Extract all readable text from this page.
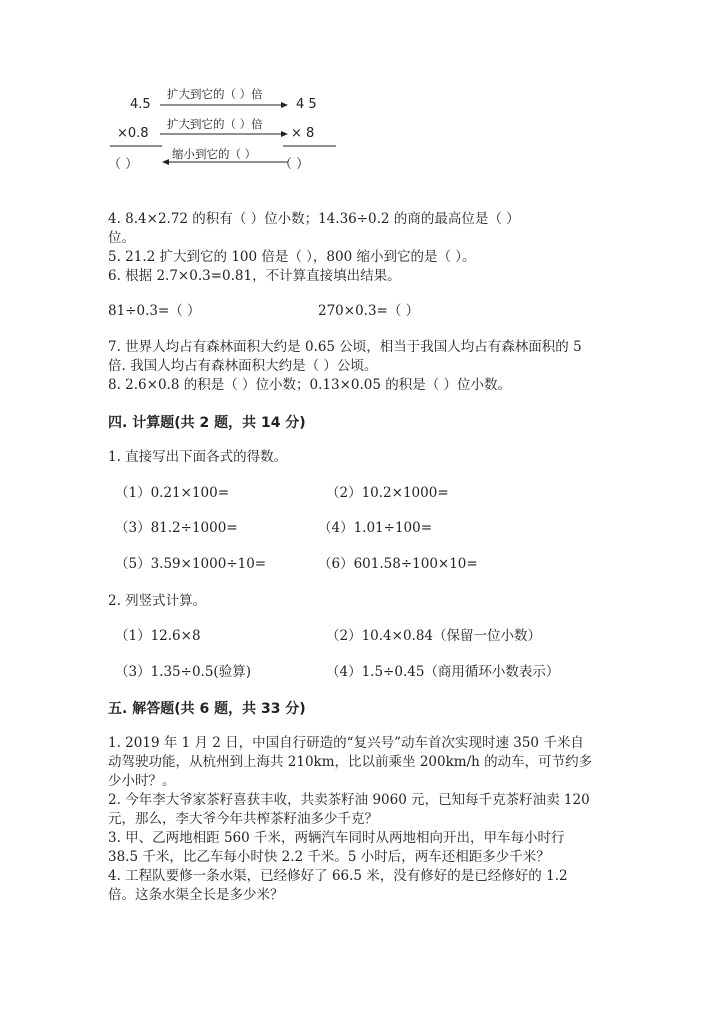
4.5
扩大到它的（ ）倍
4 5
×0.8
扩大到它的（ ）倍
× 8
（ ）
缩小到它的（ ）
（ ）
4. 8.4×2.72 的积有（ ）位小数；14.36÷0.2 的商的最高位是（ ）
位。
5. 21.2 扩大到它的 100 倍是（ ），800 缩小到它的是（ ）。
6. 根据 2.7×0.3=0.81，不计算直接填出结果。
81÷0.3=（ ）	270×0.3=（ ）
7. 世界人均占有森林面积大约是 0.65 公顷，相当于我国人均占有森林面积的 5
倍. 我国人均占有森林面积大约是（ ）公顷。
8. 2.6×0.8 的积是（ ）位小数；0.13×0.05 的积是（ ）位小数。
四. 计算题(共 2 题，共 14 分)
1. 直接写出下面各式的得数。
（1）0.21×100=	（2）10.2×1000=
（3）81.2÷1000=	（4）1.01÷100=
（5）3.59×1000÷10=	（6）601.58÷100×10=
2. 列竖式计算。
（1）12.6×8	（2）10.4×0.84（保留一位小数）
（3）1.35÷0.5(验算)	（4）1.5÷0.45（商用循环小数表示）
五. 解答题(共 6 题，共 33 分)
1. 2019 年 1 月 2 日，中国自行研造的“复兴号”动车首次实现时速 350 千米自
动驾驶功能，从杭州到上海共 210km，比以前乘坐 200km/h 的动车，可节约多
少小时？。
2. 今年李大爷家茶籽喜获丰收，共卖茶籽油 9060 元，已知每千克茶籽油卖 120
元，那么，李大爷今年共榨茶籽油多少千克？
3. 甲、乙两地相距 560 千米，两辆汽车同时从两地相向开出，甲车每小时行
38.5 千米，比乙车每小时快 2.2 千米。5 小时后，两车还相距多少千米？
4. 工程队要修一条水渠，已经修好了 66.5 米，没有修好的是已经修好的 1.2
倍。这条水渠全长是多少米？
